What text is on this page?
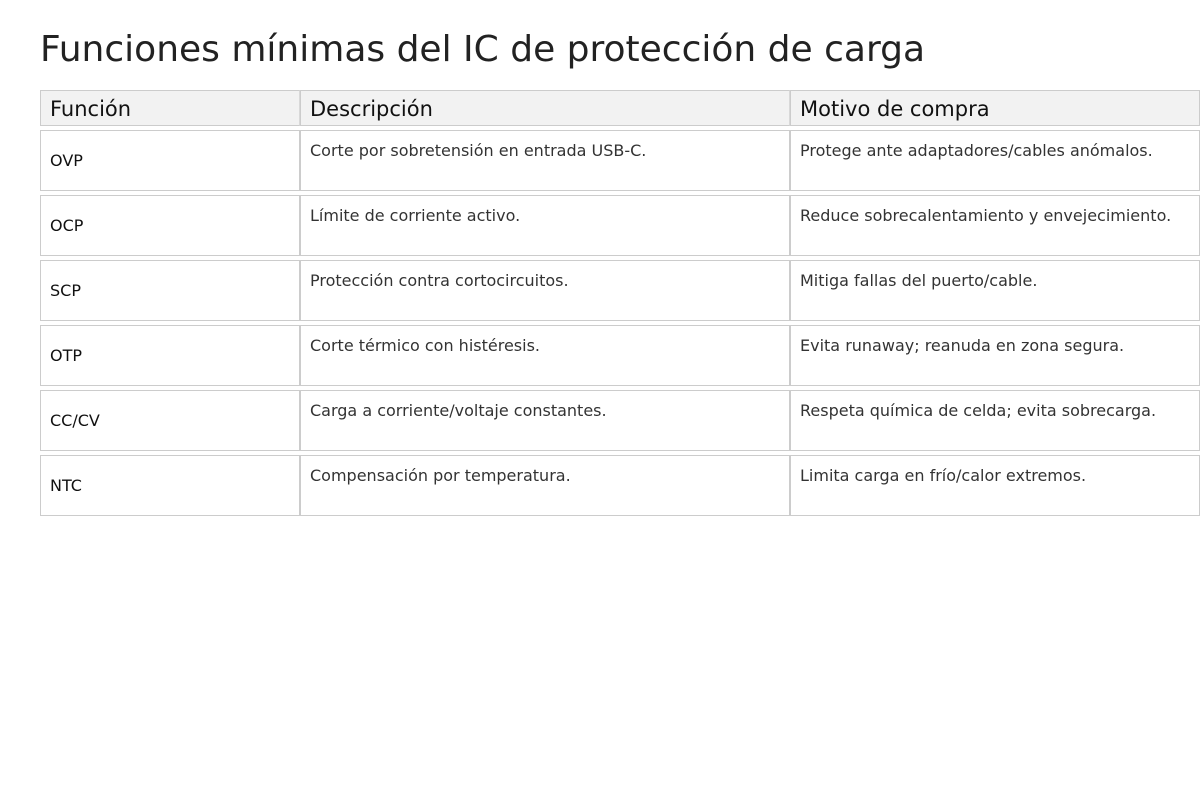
Funciones mínimas del IC de protección de carga
Función	Descripción	Motivo de compra
OVP	Corte por sobretensión en entrada USB-C.	Protege ante adaptadores/cables anómalos.
OCP	Límite de corriente activo.	Reduce sobrecalentamiento y envejecimiento.
SCP	Protección contra cortocircuitos.	Mitiga fallas del puerto/cable.
OTP	Corte térmico con histéresis.	Evita runaway; reanuda en zona segura.
CC/CV	Carga a corriente/voltaje constantes.	Respeta química de celda; evita sobrecarga.
NTC	Compensación por temperatura.	Limita carga en frío/calor extremos.
